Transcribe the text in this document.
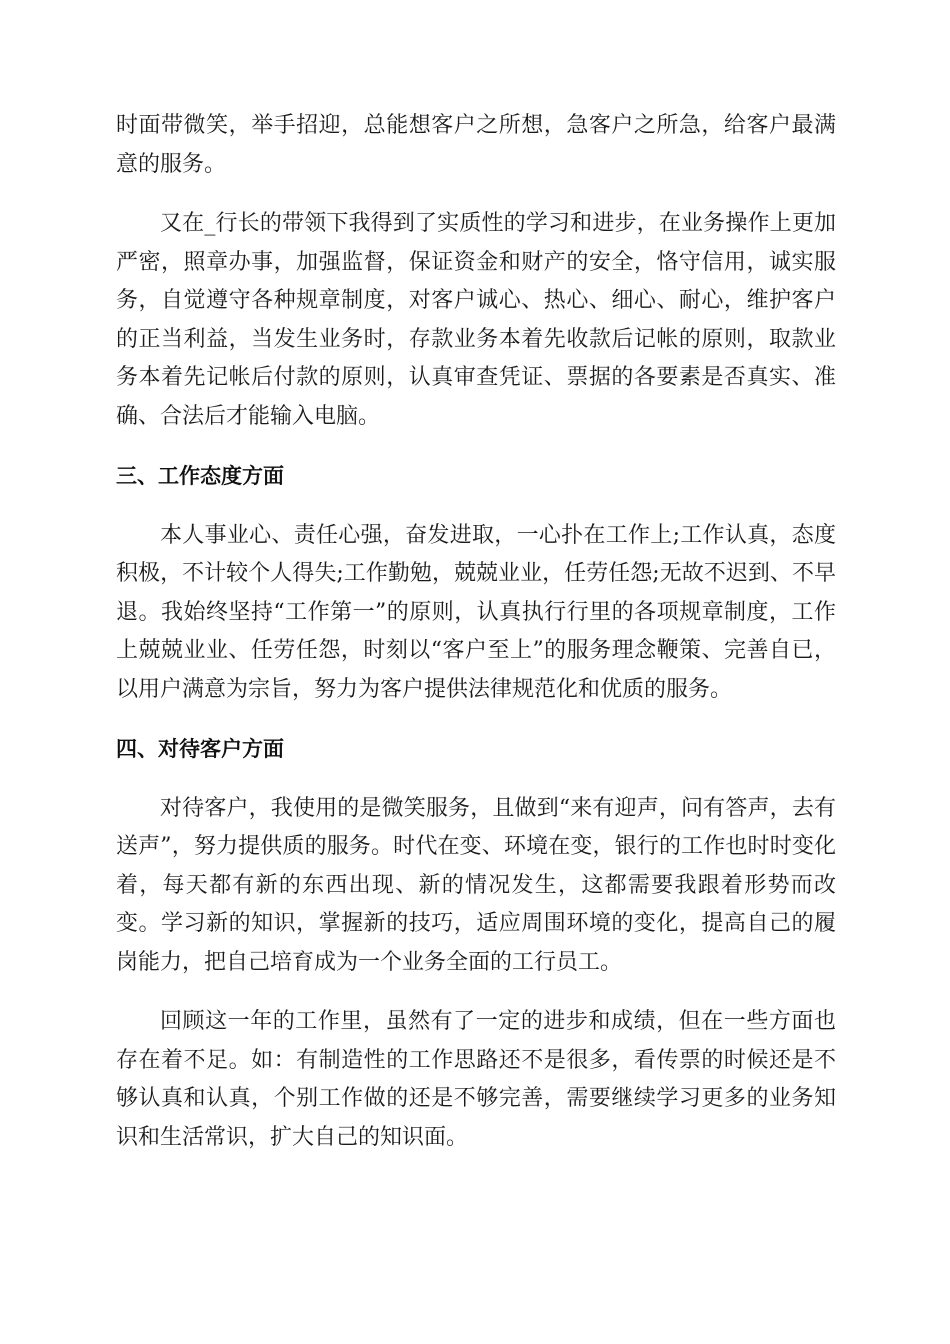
时面带微笑，举手招迎，总能想客户之所想，急客户之所急，给客户最满意的服务。

又在_行长的带领下我得到了实质性的学习和进步，在业务操作上更加严密，照章办事，加强监督，保证资金和财产的安全，恪守信用，诚实服务，自觉遵守各种规章制度，对客户诚心、热心、细心、耐心，维护客户的正当利益，当发生业务时，存款业务本着先收款后记帐的原则，取款业务本着先记帐后付款的原则，认真审查凭证、票据的各要素是否真实、准确、合法后才能输入电脑。

三、工作态度方面

本人事业心、责任心强，奋发进取，一心扑在工作上;工作认真，态度积极，不计较个人得失;工作勤勉，兢兢业业，任劳任怨;无故不迟到、不早退。我始终坚持“工作第一”的原则，认真执行行里的各项规章制度，工作上兢兢业业、任劳任怨，时刻以“客户至上”的服务理念鞭策、完善自已，以用户满意为宗旨，努力为客户提供法律规范化和优质的服务。

四、对待客户方面

对待客户，我使用的是微笑服务，且做到“来有迎声，问有答声，去有送声”，努力提供质的服务。时代在变、环境在变，银行的工作也时时变化着，每天都有新的东西出现、新的情况发生，这都需要我跟着形势而改变。学习新的知识，掌握新的技巧，适应周围环境的变化，提高自己的履岗能力，把自己培育成为一个业务全面的工行员工。

回顾这一年的工作里，虽然有了一定的进步和成绩，但在一些方面也存在着不足。如：有制造性的工作思路还不是很多，看传票的时候还是不够认真和认真，个别工作做的还是不够完善，需要继续学习更多的业务知识和生活常识，扩大自己的知识面。
